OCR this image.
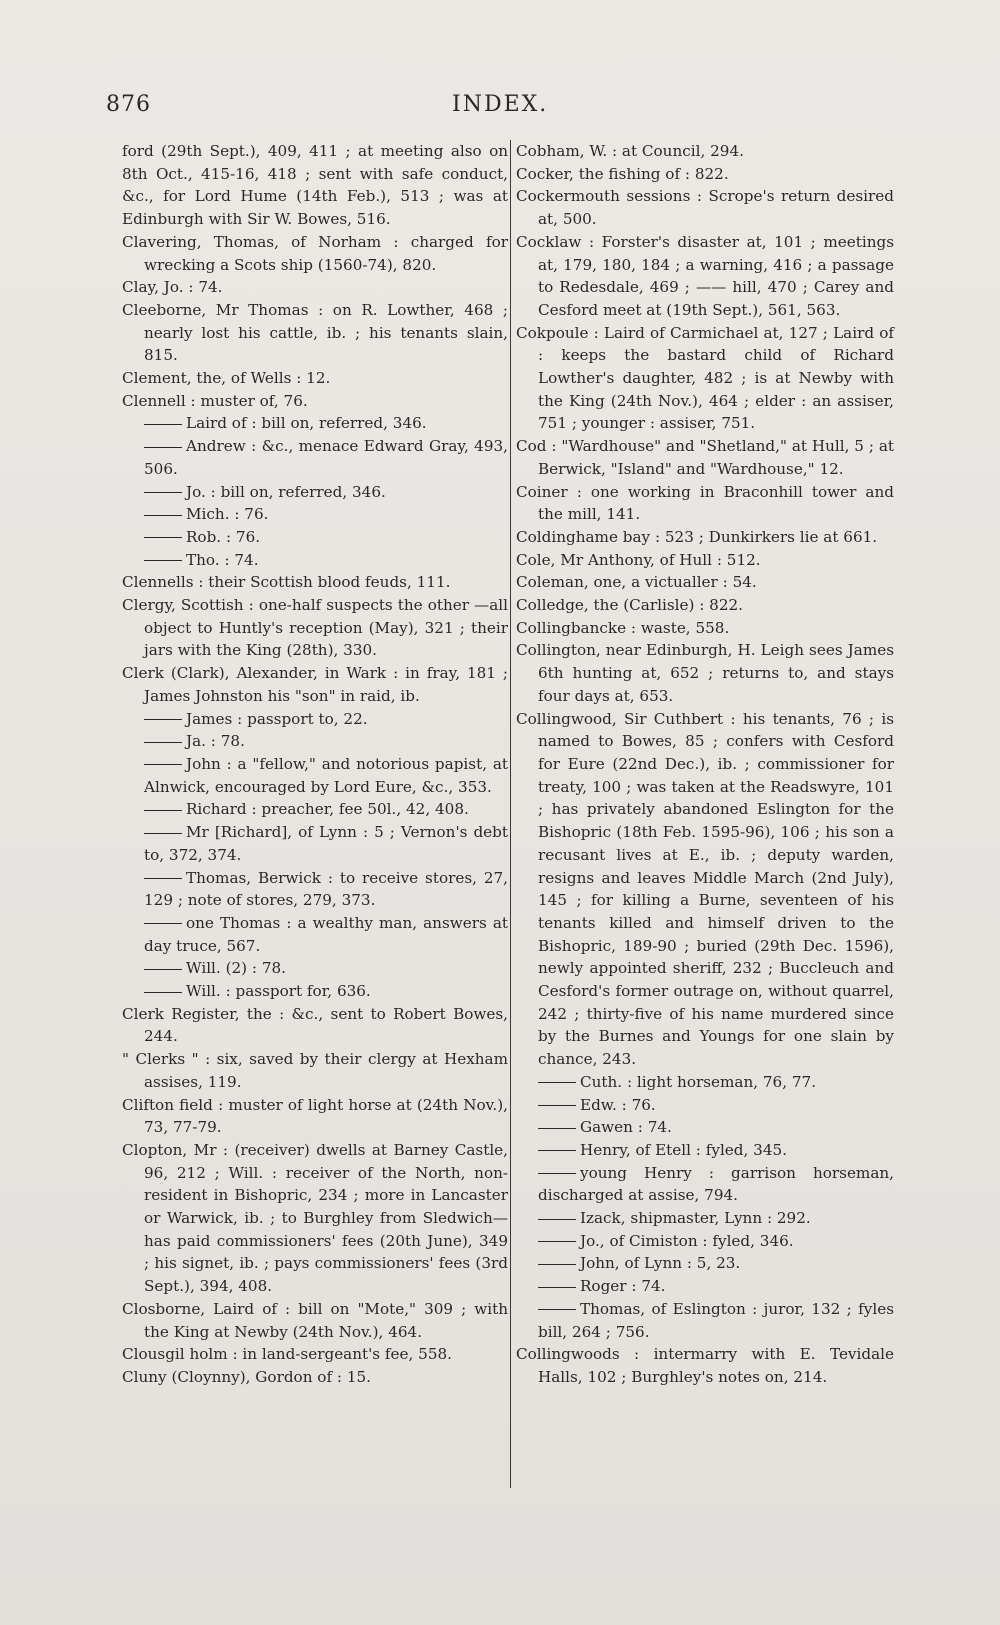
876	INDEX.
ford (29th Sept.), 409, 411 ; at meeting also on 8th Oct., 415-16, 418 ; sent with safe conduct, &c., for Lord Hume (14th Feb.), 513 ; was at Edinburgh with Sir W. Bowes, 516.
Clavering, Thomas, of Norham : charged for wrecking a Scots ship (1560-74), 820.
Clay, Jo. : 74.
Cleeborne, Mr Thomas : on R. Lowther, 468 ; nearly lost his cattle, ib. ; his tenants slain, 815.
Clement, the, of Wells : 12.
Clennell : muster of, 76.
Laird of : bill on, referred, 346.
Andrew : &c., menace Edward Gray, 493, 506.
Jo. : bill on, referred, 346.
Mich. : 76.
Rob. : 76.
Tho. : 74.
Clennells : their Scottish blood feuds, 111.
Clergy, Scottish : one-half suspects the other —all object to Huntly's reception (May), 321 ; their jars with the King (28th), 330.
Clerk (Clark), Alexander, in Wark : in fray, 181 ; James Johnston his "son" in raid, ib.
James : passport to, 22.
Ja. : 78.
John : a "fellow," and notorious papist, at Alnwick, encouraged by Lord Eure, &c., 353.
Richard : preacher, fee 50l., 42, 408.
Mr [Richard], of Lynn : 5 ; Vernon's debt to, 372, 374.
Thomas, Berwick : to receive stores, 27, 129 ; note of stores, 279, 373.
one Thomas : a wealthy man, answers at day truce, 567.
Will. (2) : 78.
Will. : passport for, 636.
Clerk Register, the : &c., sent to Robert Bowes, 244.
" Clerks " : six, saved by their clergy at Hexham assises, 119.
Clifton field : muster of light horse at (24th Nov.), 73, 77-79.
Clopton, Mr : (receiver) dwells at Barney Castle, 96, 212 ; Will. : receiver of the North, non-resident in Bishopric, 234 ; more in Lancaster or Warwick, ib. ; to Burghley from Sledwich—has paid commissioners' fees (20th June), 349 ; his signet, ib. ; pays commissioners' fees (3rd Sept.), 394, 408.
Closborne, Laird of : bill on "Mote," 309 ; with the King at Newby (24th Nov.), 464.
Clousgil holm : in land-sergeant's fee, 558.
Cluny (Cloynny), Gordon of : 15.
Cobham, W. : at Council, 294.
Cocker, the fishing of : 822.
Cockermouth sessions : Scrope's return desired at, 500.
Cocklaw : Forster's disaster at, 101 ; meetings at, 179, 180, 184 ; a warning, 416 ; a passage to Redesdale, 469 ; —— hill, 470 ; Carey and Cesford meet at (19th Sept.), 561, 563.
Cokpoule : Laird of Carmichael at, 127 ; Laird of : keeps the bastard child of Richard Lowther's daughter, 482 ; is at Newby with the King (24th Nov.), 464 ; elder : an assiser, 751 ; younger : assiser, 751.
Cod : "Wardhouse" and "Shetland," at Hull, 5 ; at Berwick, "Island" and "Wardhouse," 12.
Coiner : one working in Braconhill tower and the mill, 141.
Coldinghame bay : 523 ; Dunkirkers lie at 661.
Cole, Mr Anthony, of Hull : 512.
Coleman, one, a victualler : 54.
Colledge, the (Carlisle) : 822.
Collingbancke : waste, 558.
Collington, near Edinburgh, H. Leigh sees James 6th hunting at, 652 ; returns to, and stays four days at, 653.
Collingwood, Sir Cuthbert : his tenants, 76 ; is named to Bowes, 85 ; confers with Cesford for Eure (22nd Dec.), ib. ; commissioner for treaty, 100 ; was taken at the Readswyre, 101 ; has privately abandoned Eslington for the Bishopric (18th Feb. 1595-96), 106 ; his son a recusant lives at E., ib. ; deputy warden, resigns and leaves Middle March (2nd July), 145 ; for killing a Burne, seventeen of his tenants killed and himself driven to the Bishopric, 189-90 ; buried (29th Dec. 1596), newly appointed sheriff, 232 ; Buccleuch and Cesford's former outrage on, without quarrel, 242 ; thirty-five of his name murdered since by the Burnes and Youngs for one slain by chance, 243.
Cuth. : light horseman, 76, 77.
Edw. : 76.
Gawen : 74.
Henry, of Etell : fyled, 345.
young Henry : garrison horseman, discharged at assise, 794.
Izack, shipmaster, Lynn : 292.
Jo., of Cimiston : fyled, 346.
John, of Lynn : 5, 23.
Roger : 74.
Thomas, of Eslington : juror, 132 ; fyles bill, 264 ; 756.
Collingwoods : intermarry with E. Tevidale Halls, 102 ; Burghley's notes on, 214.
